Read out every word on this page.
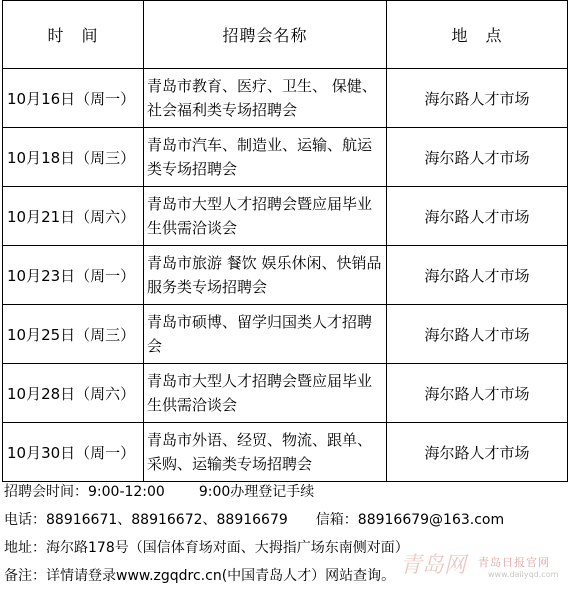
时　间	招聘会名称	地　点
10月16日（周一）	青岛市教育、医疗、卫生、 保健、 社会福利类专场招聘会	海尔路人才市场
10月18日（周三）	青岛市汽车、制造业、运输、航运类专场招聘会	海尔路人才市场
10月21日（周六）	青岛市大型人才招聘会暨应届毕业生供需洽谈会	海尔路人才市场
10月23日（周一）	青岛市旅游 餐饮 娱乐休闲、快销品服务类专场招聘会	海尔路人才市场
10月25日（周三）	青岛市硕博、留学归国类人才招聘会	海尔路人才市场
10月28日（周六）	青岛市大型人才招聘会暨应届毕业生供需洽谈会	海尔路人才市场
10月30日（周一）	青岛市外语、经贸、物流、跟单、采购、运输类专场招聘会	海尔路人才市场
招聘会时间：9:00-12:00 9:00办理登记手续
电话：88916671、88916672、88916679 信箱：88916679@163.com
地址：海尔路178号（国信体育场对面、大拇指广场东南侧对面）
备注：详情请登录www.zgqdrc.cn(中国青岛人才）网站查询。 青岛网 青岛日报官网
www.dailyqd.com
